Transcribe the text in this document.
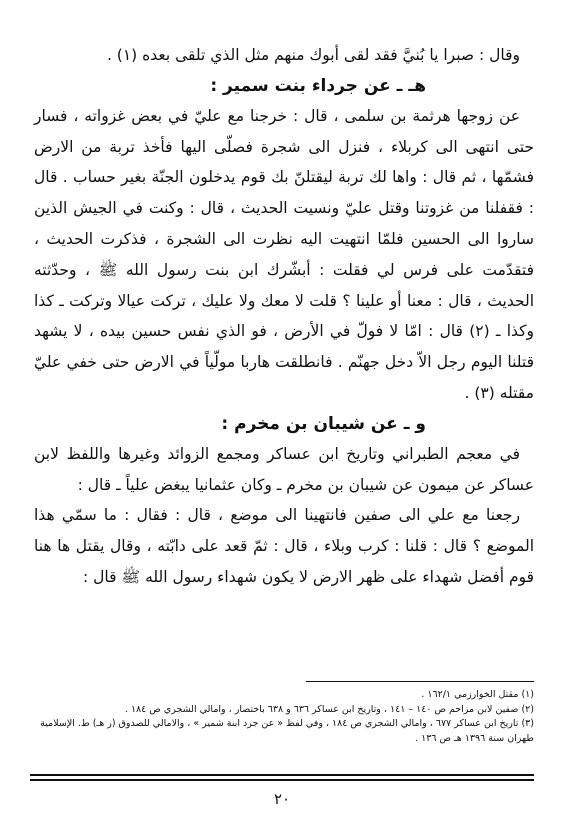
وقال : صبرا يا بُنيَّ فقد لقى أبوك منهم مثل الذي تلقى بعده (١) .

هـ ـ عن جرداء بنت سمير :

عن زوجها هرثمة بن سلمى ، قال : خرجنا مع عليّ في بعض غزواته ، فسار حتى انتهى الى كربلاء ، فنزل الى شجرة فصلّى اليها فأخذ تربة من الارض فشمّها ، ثم قال : واها لك تربة ليقتلنّ بك قوم يدخلون الجنّة بغير حساب . قال : فقفلنا من غزوتنا وقتل عليّ ونسيت الحديث ، قال : وكنت في الجيش الذين ساروا الى الحسين فلمّا انتهيت اليه نظرت الى الشجرة ، فذكرت الحديث ، فتقدّمت على فرس لي فقلت : أبشّرك ابن بنت رسول الله ﷺ ، وحدّثته الحديث ، قال : معنا أو علينا ؟ قلت لا معك ولا عليك ، تركت عيالا وتركت ـ كذا وكذا ـ (٢) قال : امّا لا فولّ في الأرض ، فو الذي نفس حسين بيده ، لا يشهد قتلنا اليوم رجل الاّ دخل جهنّم . فانطلقت هاربا مولّياً في الارض حتى خفي عليّ مقتله (٣) .

و ـ عن شيبان بن مخرم :

في معجم الطبراني وتاريخ ابن عساكر ومجمع الزوائد وغيرها واللفظ لابن عساكر عن ميمون عن شيبان بن مخرم ـ وكان عثمانيا يبغض علياً ـ قال :

رجعنا مع علي الى صفين فانتهينا الى موضع ، قال : فقال : ما سمّي هذا الموضع ؟ قال : قلنا : كرب وبلاء ، قال : ثمّ قعد على دابّته ، وقال يقتل ها هنا قوم أفضل شهداء على ظهر الارض لا يكون شهداء رسول الله ﷺ قال :

(١) مقتل الخوارزمي ١٦٢/١ .

(٢) صفين لابن مزاحم ص ١٤٠ – ١٤١ ، وتاريخ ابن عساكر ٦٣٦ و ٦٣٨ باختصار ، وامالي الشجري ص ١٨٤ .

(٣) تاريخ ابن عساكر ٦٧٧ ، وامالي الشجري ص ١٨٤ ، وفي لفظ « عن جرد ابنة شمير » ، والامالي للصدوق (ر هـ) ط. الإسلامية طهران سنة ١٣٩٦ هـ ص ١٣٦ .

٢٠
